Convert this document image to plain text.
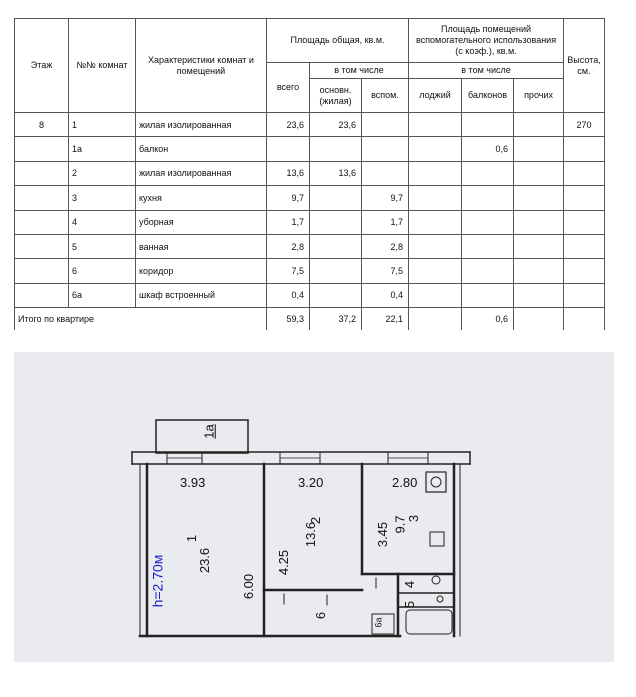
Этаж	№№ комнат	Характеристики комнат и помещений	Площадь общая, кв.м.			Площадь помещений вспомогательного использования (с коэф.), кв.м.			Высота, см.
			всего	в том числе		в том числе			
				основн. (жилая)	вспом.	лоджий	балконов	прочих	
8	1	жилая изолированная	23,6	23,6					270
	1а	балкон					0,6		
	2	жилая изолированная	13,6	13,6					
	3	кухня	9,7		9,7				
	4	уборная	1,7		1,7				
	5	ванная	2,8		2,8				
	6	коридор	7,5		7,5				
	6а	шкаф встроенный	0,4		0,4				
Итого по квартире			59,3	37,2	22,1		0,6		
1а
3.93	3.20	2.80
1
23.6
h=2.70м	6.00
2
13.6
4.25
3
9.7
3.45
4
5
6
6а
